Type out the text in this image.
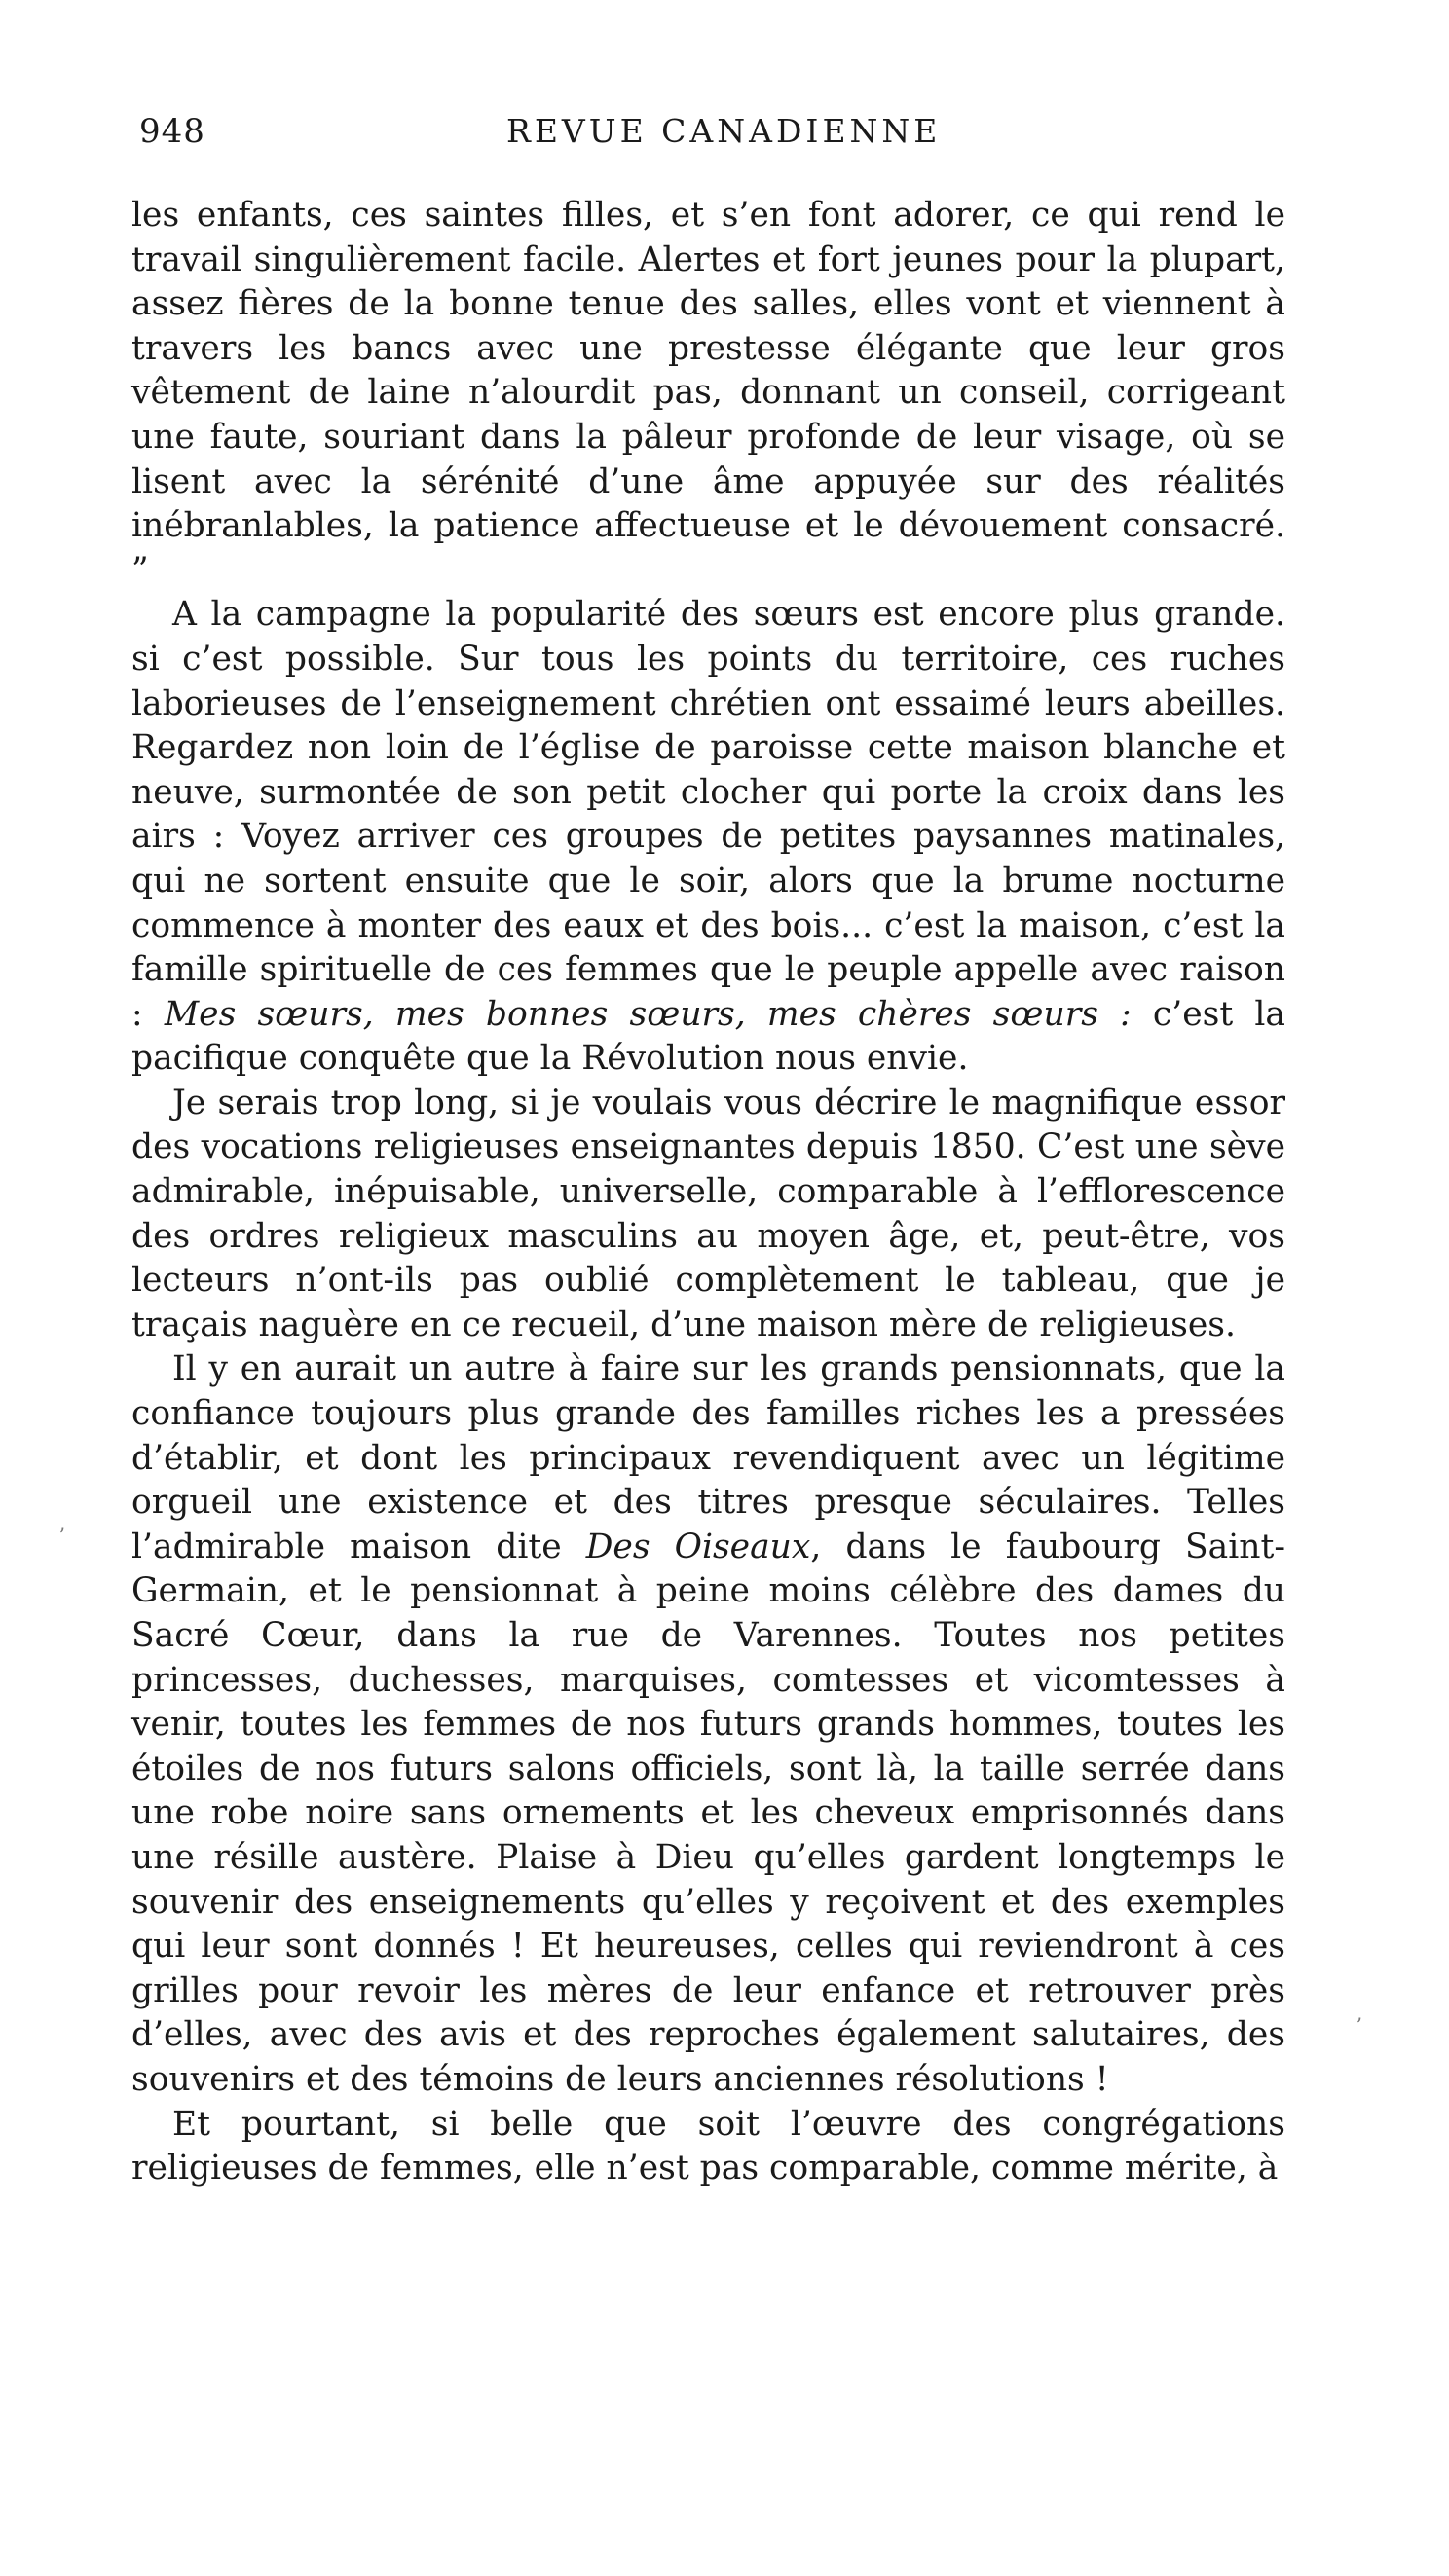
948	REVUE CANADIENNE

les enfants, ces saintes filles, et s’en font adorer, ce qui rend le travail singulièrement facile. Alertes et fort jeunes pour la plupart, assez fières de la bonne tenue des salles, elles vont et viennent à travers les bancs avec une prestesse élégante que leur gros vêtement de laine n’alourdit pas, donnant un conseil, corrigeant une faute, souriant dans la pâleur profonde de leur visage, où se lisent avec la sérénité d’une âme appuyée sur des réalités inébranlables, la patience affectueuse et le dévouement consacré. ”

A la campagne la popularité des sœurs est encore plus grande. si c’est possible. Sur tous les points du territoire, ces ruches laborieuses de l’enseignement chrétien ont essaimé leurs abeilles. Regardez non loin de l’église de paroisse cette maison blanche et neuve, surmontée de son petit clocher qui porte la croix dans les airs : Voyez arriver ces groupes de petites paysannes matinales, qui ne sortent ensuite que le soir, alors que la brume nocturne commence à monter des eaux et des bois... c’est la maison, c’est la famille spirituelle de ces femmes que le peuple appelle avec raison : Mes sœurs, mes bonnes sœurs, mes chères sœurs : c’est la pacifique conquête que la Révolution nous envie.

Je serais trop long, si je voulais vous décrire le magnifique essor des vocations religieuses enseignantes depuis 1850. C’est une sève admirable, inépuisable, universelle, comparable à l’efflorescence des ordres religieux masculins au moyen âge, et, peut-être, vos lecteurs n’ont-ils pas oublié complètement le tableau, que je traçais naguère en ce recueil, d’une maison mère de religieuses.

Il y en aurait un autre à faire sur les grands pensionnats, que la confiance toujours plus grande des familles riches les a pressées d’établir, et dont les principaux revendiquent avec un légitime orgueil une existence et des titres presque séculaires. Telles l’admirable maison dite Des Oiseaux, dans le faubourg Saint-Germain, et le pensionnat à peine moins célèbre des dames du Sacré Cœur, dans la rue de Varennes. Toutes nos petites princesses, duchesses, marquises, comtesses et vicomtesses à venir, toutes les femmes de nos futurs grands hommes, toutes les étoiles de nos futurs salons officiels, sont là, la taille serrée dans une robe noire sans ornements et les cheveux emprisonnés dans une résille austère. Plaise à Dieu qu’elles gardent longtemps le souvenir des enseignements qu’elles y reçoivent et des exemples qui leur sont donnés ! Et heureuses, celles qui reviendront à ces grilles pour revoir les mères de leur enfance et retrouver près d’elles, avec des avis et des reproches également salutaires, des souvenirs et des témoins de leurs anciennes résolutions !

Et pourtant, si belle que soit l’œuvre des congrégations religieuses de femmes, elle n’est pas comparable, comme mérite, à

ʼ
ʼ
